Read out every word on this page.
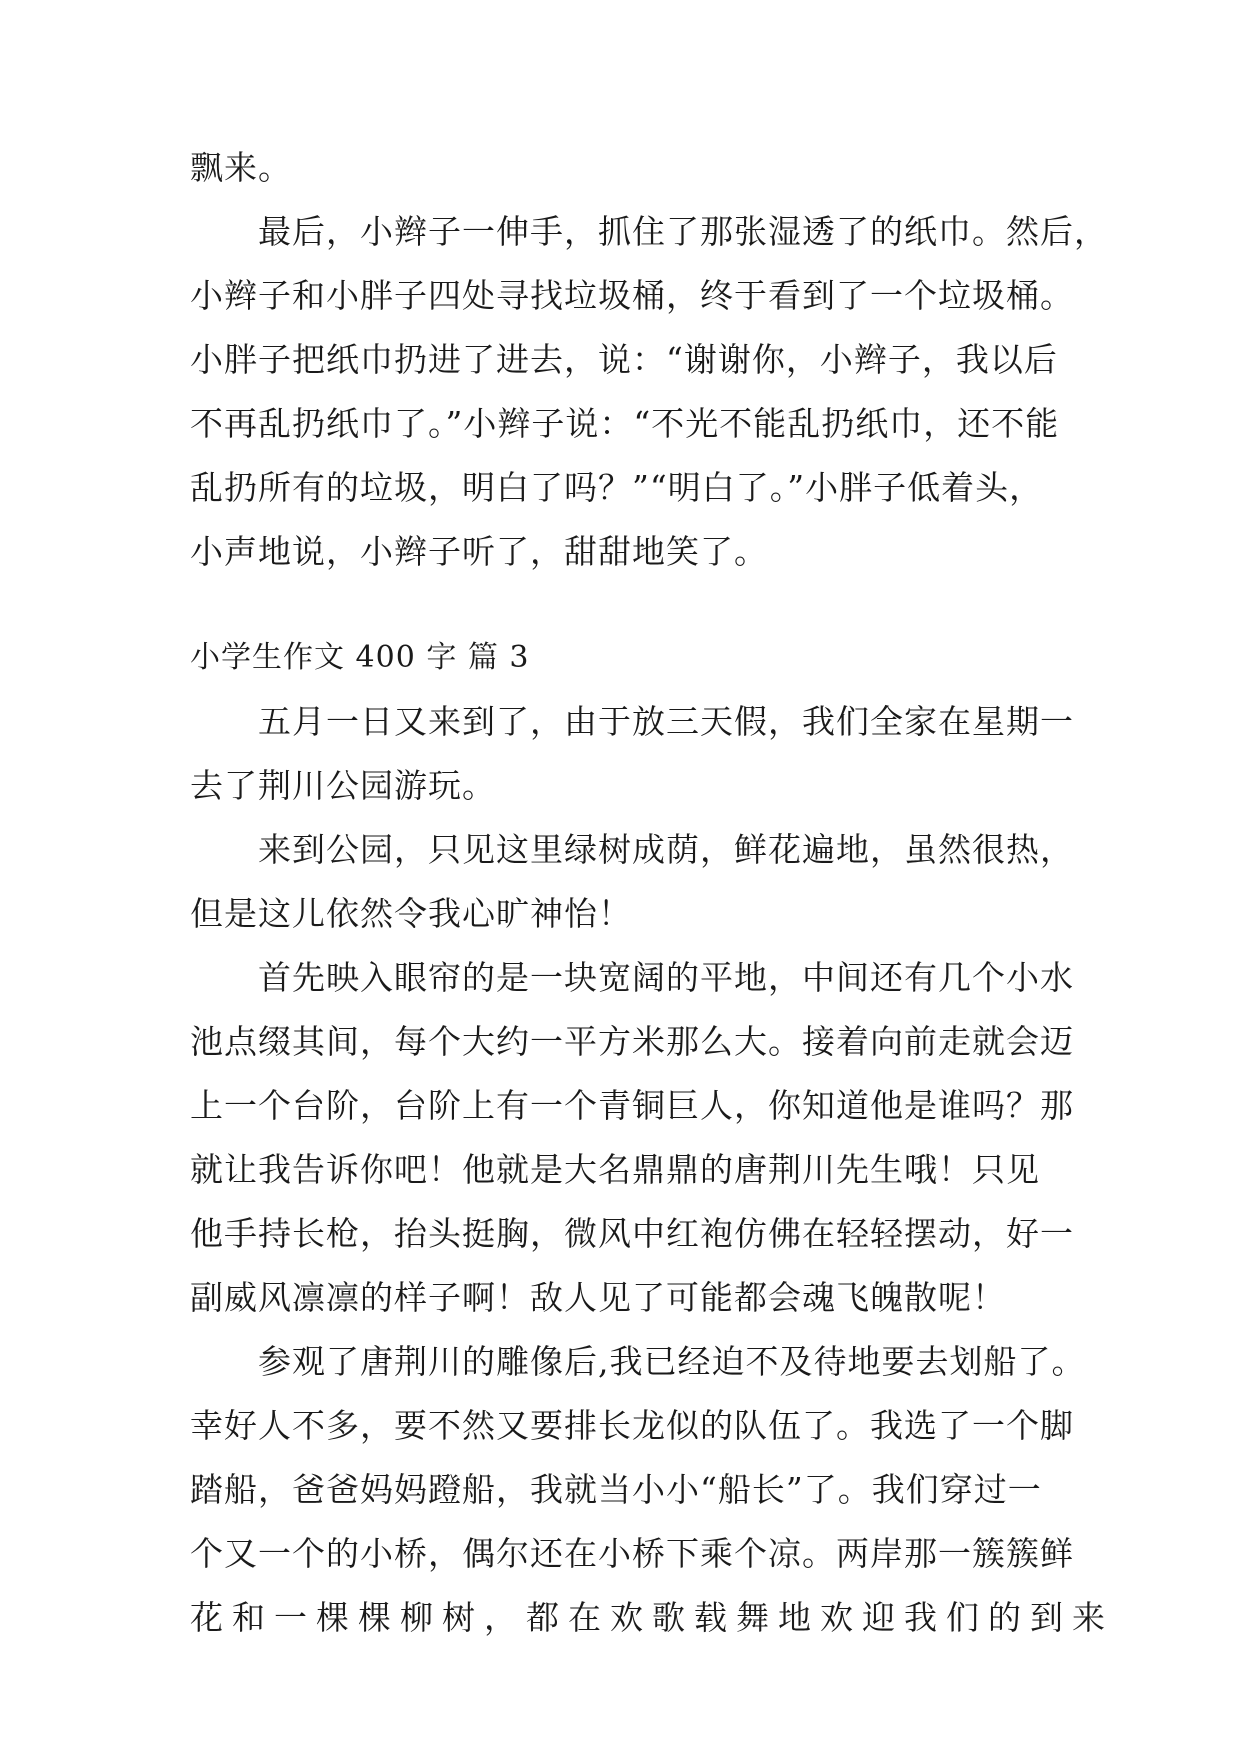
飘来。
最后，小辫子一伸手，抓住了那张湿透了的纸巾。然后，
小辫子和小胖子四处寻找垃圾桶，终于看到了一个垃圾桶。
小胖子把纸巾扔进了进去，说：“谢谢你，小辫子，我以后
不再乱扔纸巾了。”小辫子说：“不光不能乱扔纸巾，还不能
乱扔所有的垃圾，明白了吗？”“明白了。”小胖子低着头，
小声地说，小辫子听了，甜甜地笑了。
小学生作文 400 字 篇 3
五月一日又来到了，由于放三天假，我们全家在星期一
去了荆川公园游玩。
来到公园，只见这里绿树成荫，鲜花遍地，虽然很热，
但是这儿依然令我心旷神怡！
首先映入眼帘的是一块宽阔的平地，中间还有几个小水
池点缀其间，每个大约一平方米那么大。接着向前走就会迈
上一个台阶，台阶上有一个青铜巨人，你知道他是谁吗？那
就让我告诉你吧！他就是大名鼎鼎的唐荆川先生哦！只见
他手持长枪，抬头挺胸，微风中红袍仿佛在轻轻摆动，好一
副威风凛凛的样子啊！敌人见了可能都会魂飞魄散呢！
参观了唐荆川的雕像后,我已经迫不及待地要去划船了。
幸好人不多，要不然又要排长龙似的队伍了。我选了一个脚
踏船，爸爸妈妈蹬船，我就当小小“船长”了。我们穿过一
个又一个的小桥，偶尔还在小桥下乘个凉。两岸那一簇簇鲜
花和一棵棵柳树，都在欢歌载舞地欢迎我们的到来
